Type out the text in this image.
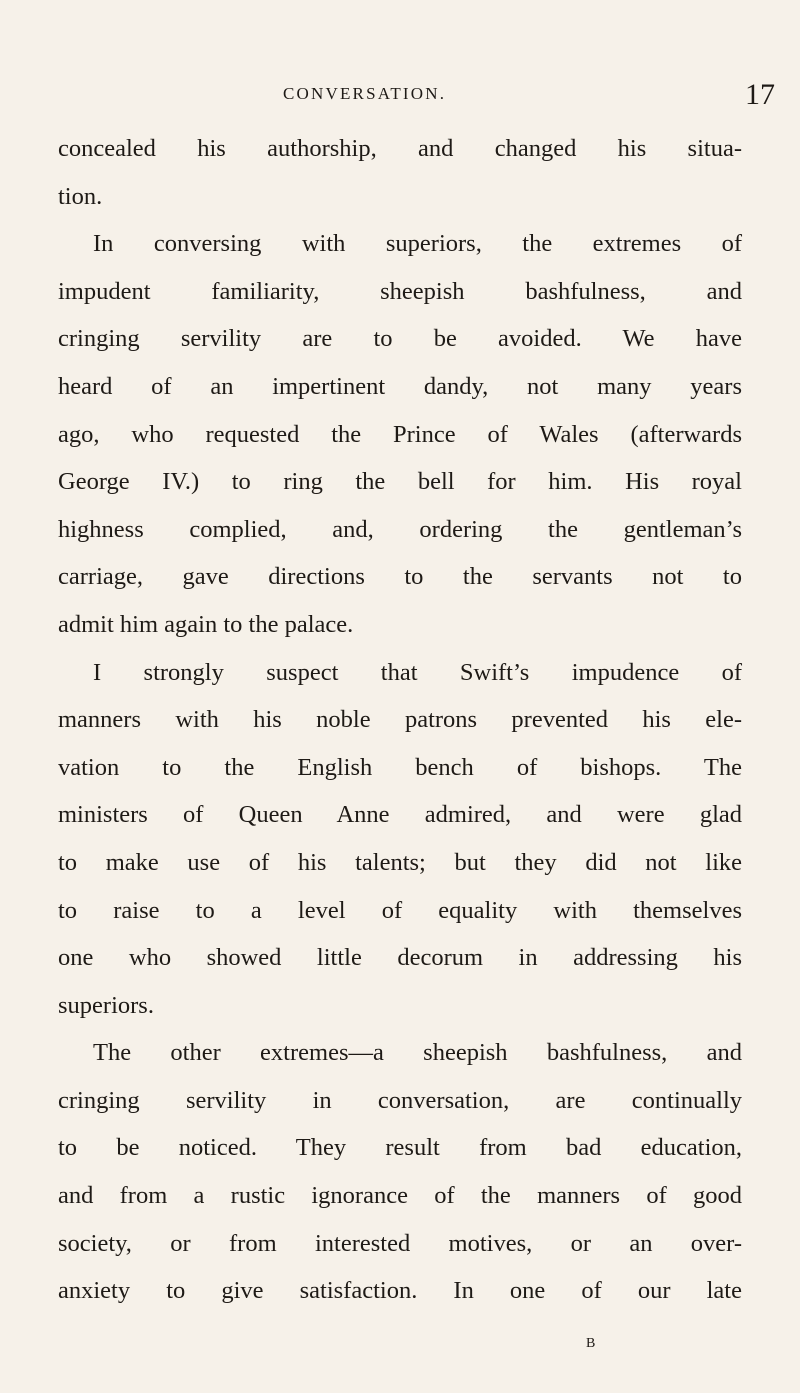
CONVERSATION.	17
concealed his authorship, and changed his situa-
tion.
In conversing with superiors, the extremes of
impudent familiarity, sheepish bashfulness, and
cringing servility are to be avoided. We have
heard of an impertinent dandy, not many years
ago, who requested the Prince of Wales (afterwards
George IV.) to ring the bell for him. His royal
highness complied, and, ordering the gentleman’s
carriage, gave directions to the servants not to
admit him again to the palace.
I strongly suspect that Swift’s impudence of
manners with his noble patrons prevented his ele-
vation to the English bench of bishops. The
ministers of Queen Anne admired, and were glad
to make use of his talents; but they did not like
to raise to a level of equality with themselves
one who showed little decorum in addressing his
superiors.
The other extremes—a sheepish bashfulness, and
cringing servility in conversation, are continually
to be noticed. They result from bad education,
and from a rustic ignorance of the manners of good
society, or from interested motives, or an over-
anxiety to give satisfaction. In one of our late
B
